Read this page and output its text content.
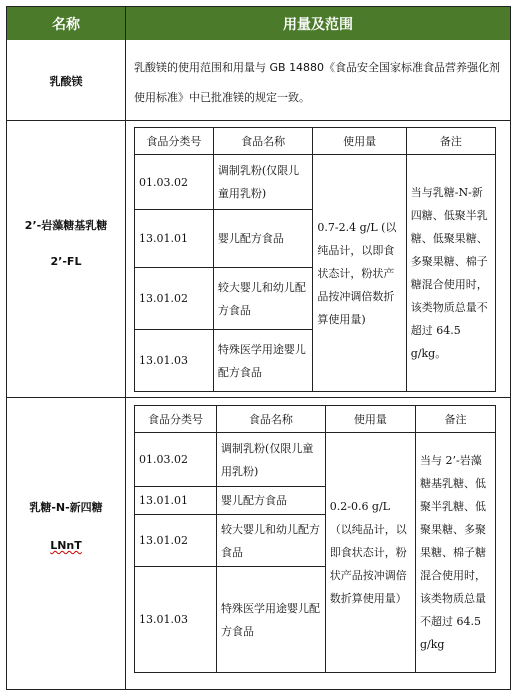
名称	用量及范围
乳酸镁
乳酸镁的使用范围和用量与 GB 14880《食品安全国家标准食品营养强化剂使用标准》中已批准镁的规定一致。
2’-岩藻糖基乳糖
2’-FL
食品分类号	食品名称	使用量	备注
01.03.02	调制乳粉(仅限儿童用乳粉)	0.7-2.4 g/L (以纯品计，以即食状态计，粉状产品按冲调倍数折算使用量)	当与乳糖-N-新四糖、低聚半乳糖、低聚果糖、多聚果糖、棉子糖混合使用时，该类物质总量不超过 64.5 g/kg。
13.01.01	婴儿配方食品		
13.01.02	较大婴儿和幼儿配方食品		
13.01.03	特殊医学用途婴儿配方食品		
乳糖-N-新四糖
LNnT
食品分类号	食品名称	使用量	备注
01.03.02	调制乳粉(仅限儿童用乳粉)	0.2-0.6 g/L （以纯品计，以即食状态计，粉状产品按冲调倍数折算使用量）	当与 2’-岩藻糖基乳糖、低聚半乳糖、低聚果糖、多聚果糖、棉子糖混合使用时，该类物质总量不超过 64.5 g/kg
13.01.01	婴儿配方食品		
13.01.02	较大婴儿和幼儿配方食品		
13.01.03	特殊医学用途婴儿配方食品		
